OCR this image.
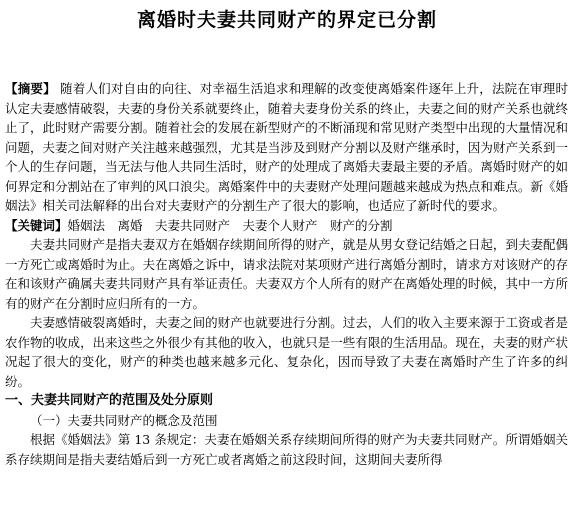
离婚时夫妻共同财产的界定已分割

【摘要】 随着人们对自由的向往、对幸福生活追求和理解的改变使离婚案件逐年上升，法院在审理时认定夫妻感情破裂，夫妻的身份关系就要终止，随着夫妻身份关系的终止，夫妻之间的财产关系也就终止了，此时财产需要分割。随着社会的发展在新型财产的不断涌现和常见财产类型中出现的大量情况和问题，夫妻之间对财产关注越来越强烈，尤其是当涉及到财产分割以及财产继承时，因为财产关系到一个人的生存问题，当无法与他人共同生活时，财产的处理成了离婚夫妻最主要的矛盾。离婚时财产的如何界定和分割站在了审判的风口浪尖。离婚案件中的夫妻财产处理问题越来越成为热点和难点。新《婚姻法》相关司法解释的出台对夫妻财产的分割生产了很大的影响，也适应了新时代的要求。

【关键词】婚姻法　离婚　夫妻共同财产　夫妻个人财产　财产的分割

夫妻共同财产是指夫妻双方在婚姻存续期间所得的财产，就是从男女登记结婚之日起，到夫妻配偶一方死亡或离婚时为止。夫在离婚之诉中，请求法院对某项财产进行离婚分割时，请求方对该财产的存在和该财产确属夫妻共同财产具有举证责任。夫妻双方个人所有的财产在离婚处理的时候，其中一方所有的财产在分割时应归所有的一方。

夫妻感情破裂离婚时，夫妻之间的财产也就要进行分割。过去，人们的收入主要来源于工资或者是农作物的收成，出来这些之外很少有其他的收入，也就只是一些有限的生活用品。现在，夫妻的财产状况起了很大的变化，财产的种类也越来越多元化、复杂化，因而导致了夫妻在离婚时产生了许多的纠纷。

一、夫妻共同财产的范围及处分原则

（一）夫妻共同财产的概念及范围

根据《婚姻法》第 13 条规定：夫妻在婚姻关系存续期间所得的财产为夫妻共同财产。所谓婚姻关系存续期间是指夫妻结婚后到一方死亡或者离婚之前这段时间，这期间夫妻所得
